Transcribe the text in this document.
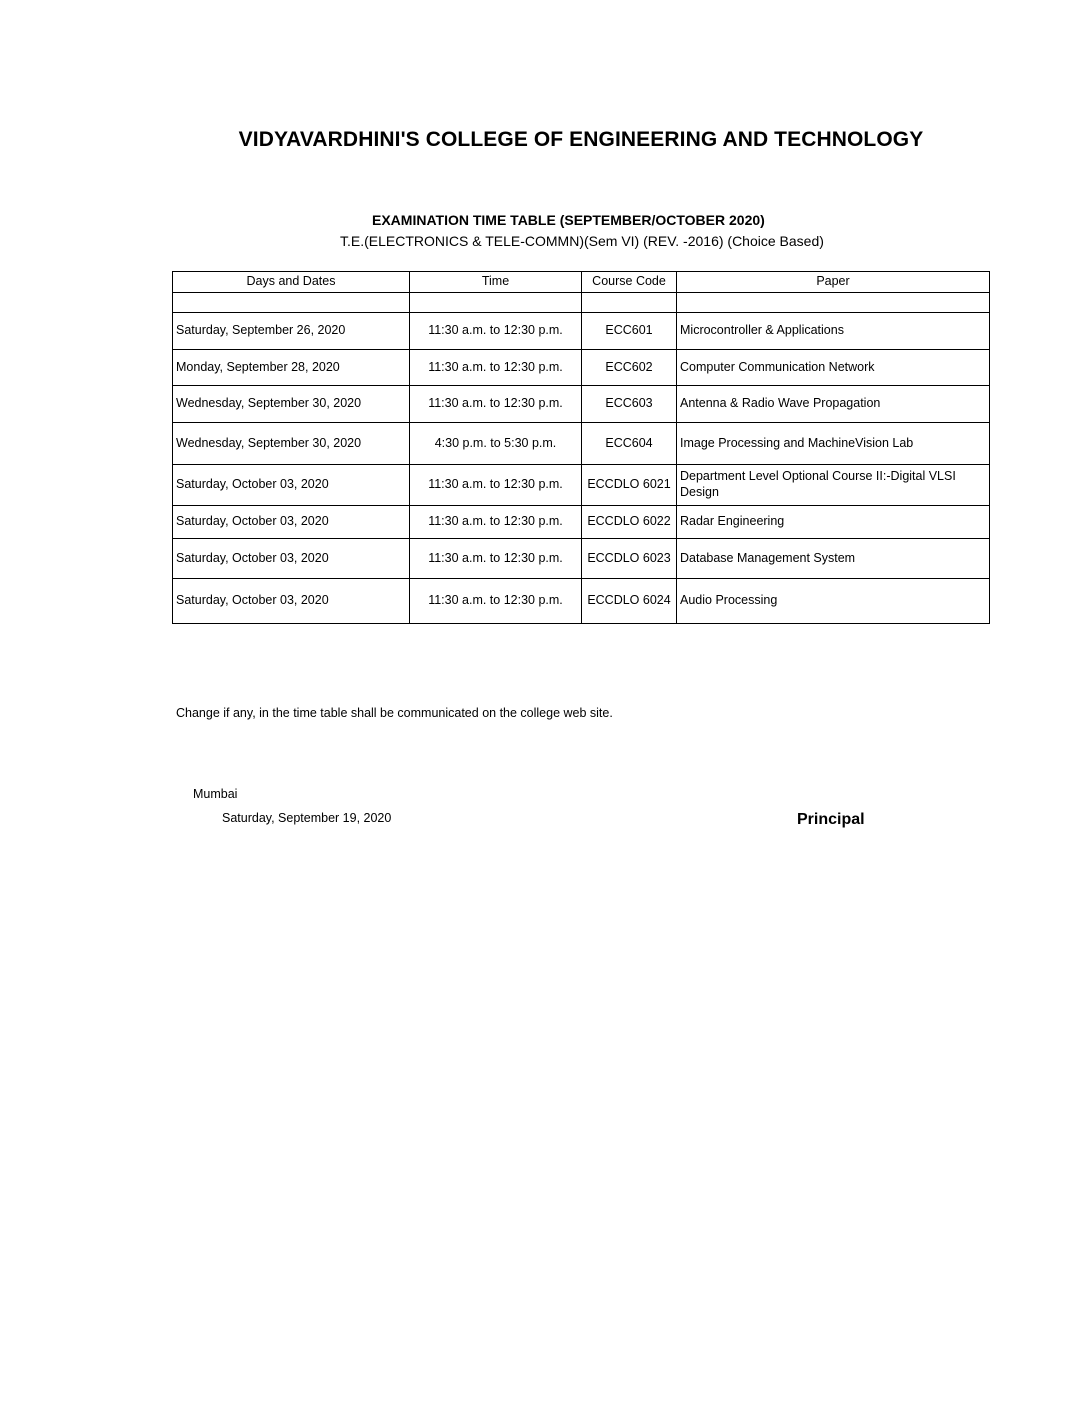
VIDYAVARDHINI'S COLLEGE OF ENGINEERING AND TECHNOLOGY
EXAMINATION TIME TABLE (SEPTEMBER/OCTOBER 2020)
T.E.(ELECTRONICS & TELE-COMMN)(Sem VI) (REV. -2016) (Choice Based)
Days and Dates	Time	Course Code	Paper

Saturday, September 26, 2020	11:30 a.m. to 12:30 p.m.	ECC601	Microcontroller & Applications
Monday, September 28, 2020	11:30 a.m. to 12:30 p.m.	ECC602	Computer Communication Network
Wednesday, September 30, 2020	11:30 a.m. to 12:30 p.m.	ECC603	Antenna & Radio Wave Propagation
Wednesday, September 30, 2020	4:30 p.m. to 5:30 p.m.	ECC604	Image Processing and MachineVision Lab
Saturday, October 03, 2020	11:30 a.m. to 12:30 p.m.	ECCDLO 6021	Department Level Optional Course II:-Digital VLSI Design
Saturday, October 03, 2020	11:30 a.m. to 12:30 p.m.	ECCDLO 6022	Radar Engineering
Saturday, October 03, 2020	11:30 a.m. to 12:30 p.m.	ECCDLO 6023	Database Management System
Saturday, October 03, 2020	11:30 a.m. to 12:30 p.m.	ECCDLO 6024	Audio Processing
Change if any, in the time table shall be communicated on the college web site.
Mumbai
Saturday, September 19, 2020	Principal
